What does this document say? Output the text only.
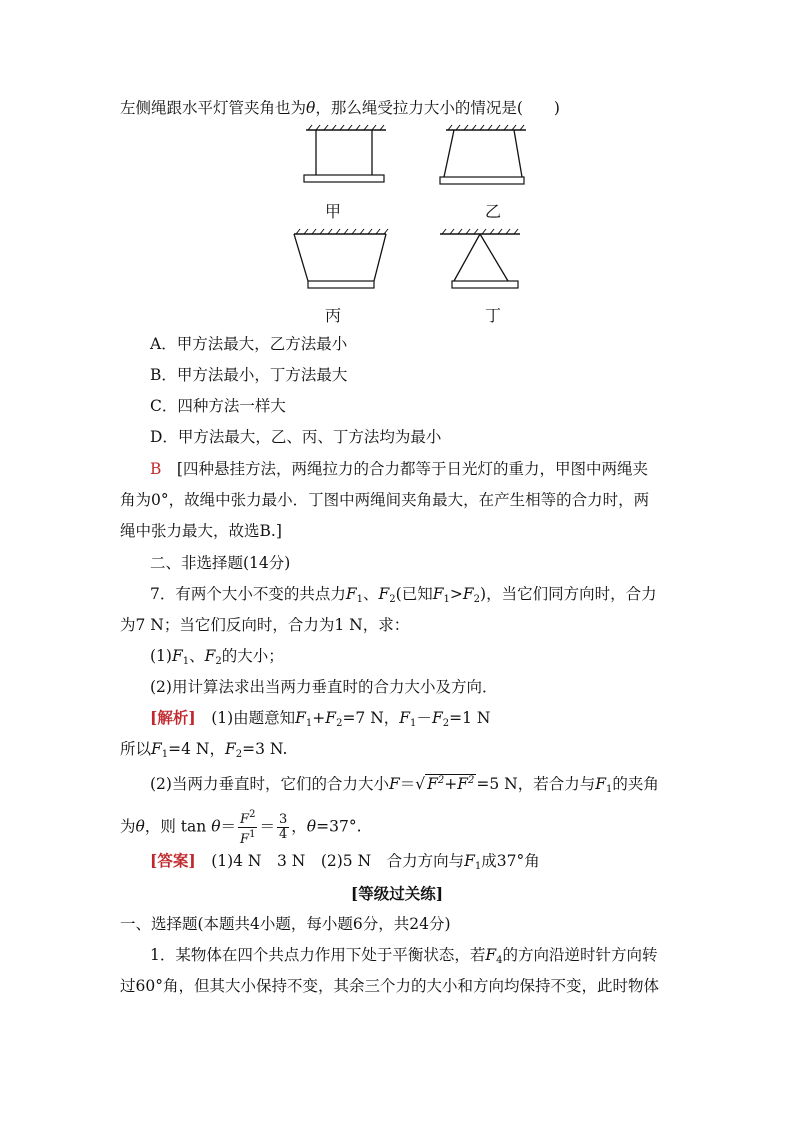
左侧绳跟水平灯管夹角也为θ，那么绳受拉力大小的情况是(　　)
甲	乙
丙	丁
A．甲方法最大，乙方法最小
B．甲方法最小，丁方法最大
C．四种方法一样大
D．甲方法最大，乙、丙、丁方法均为最小
B　 [四种悬挂方法，两绳拉力的合力都等于日光灯的重力，甲图中两绳夹
角为0°，故绳中张力最小．丁图中两绳间夹角最大，在产生相等的合力时，两
绳中张力最大，故选B.]
二、非选择题(14分)
7．有两个大小不变的共点力$F_1$、$F_2$(已知$F_1>F_2$)，当它们同方向时，合力
为7 N；当它们反向时，合力为1 N，求：
$(1)F_1$、$F_2$的大小；
(2)用计算法求出当两力垂直时的合力大小及方向．
[解析]　 (1)由题意知$F_1+F_2=7$ N，$F_1-F_2=1$ N
所以$F_1=4$ N，$F_2=3$ N.
(2)当两力垂直时，它们的合力大小F＝√ $F^2+F^2 =5$ N，若合力与$F_1$的夹角
为θ，则 $\tan \theta= \frac{F^2}{F^1} = \frac{3}{4}$ ，θ=37°.
[答案]　 (1)4 N　3 N　(2)5 N　合力方向与$F_1$成37°角
[等级过关练]
一、选择题(本题共4小题，每小题6分，共24分)
1．某物体在四个共点力作用下处于平衡状态，若$F_4$的方向沿逆时针方向转
过60°角，但其大小保持不变，其余三个力的大小和方向均保持不变，此时物体
